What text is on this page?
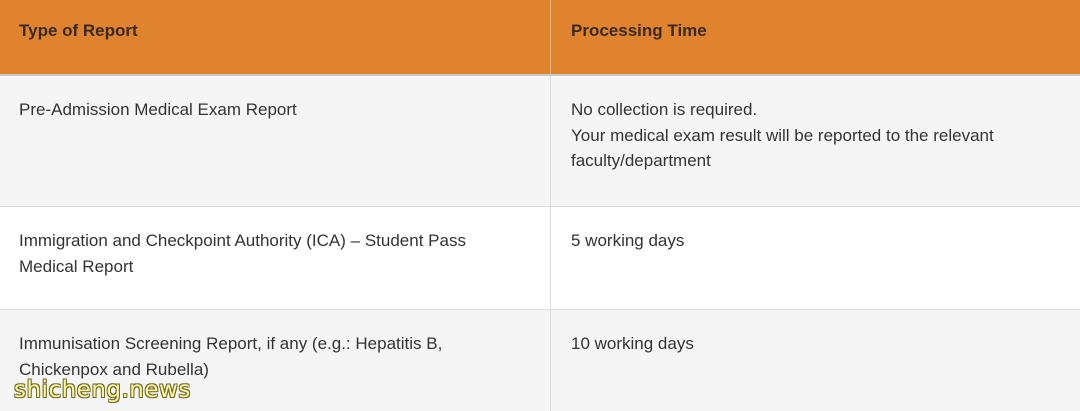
Type of Report	Processing Time
Pre-Admission Medical Exam Report	No collection is required.
Your medical exam result will be reported to the relevant faculty/department
Immigration and Checkpoint Authority (ICA) – Student Pass Medical Report
5 working days
Immunisation Screening Report, if any (e.g.: Hepatitis B, Chickenpox and Rubella)
10 working days
shicheng.news
